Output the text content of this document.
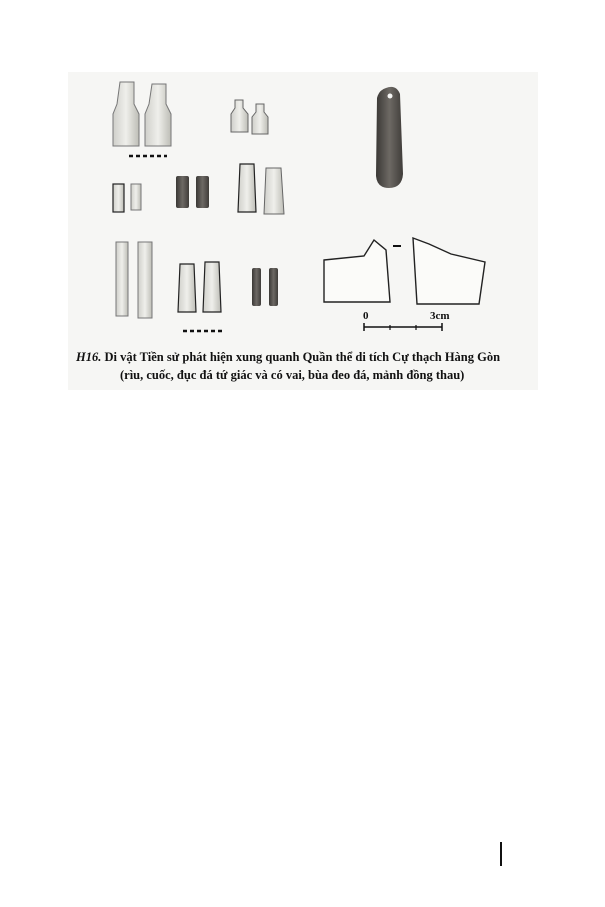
0	3cm
H16. Di vật Tiền sử phát hiện xung quanh Quần thể di tích Cự thạch Hàng Gòn
(rìu, cuốc, đục đá tứ giác và có vai, bùa đeo đá, mảnh đồng thau)
